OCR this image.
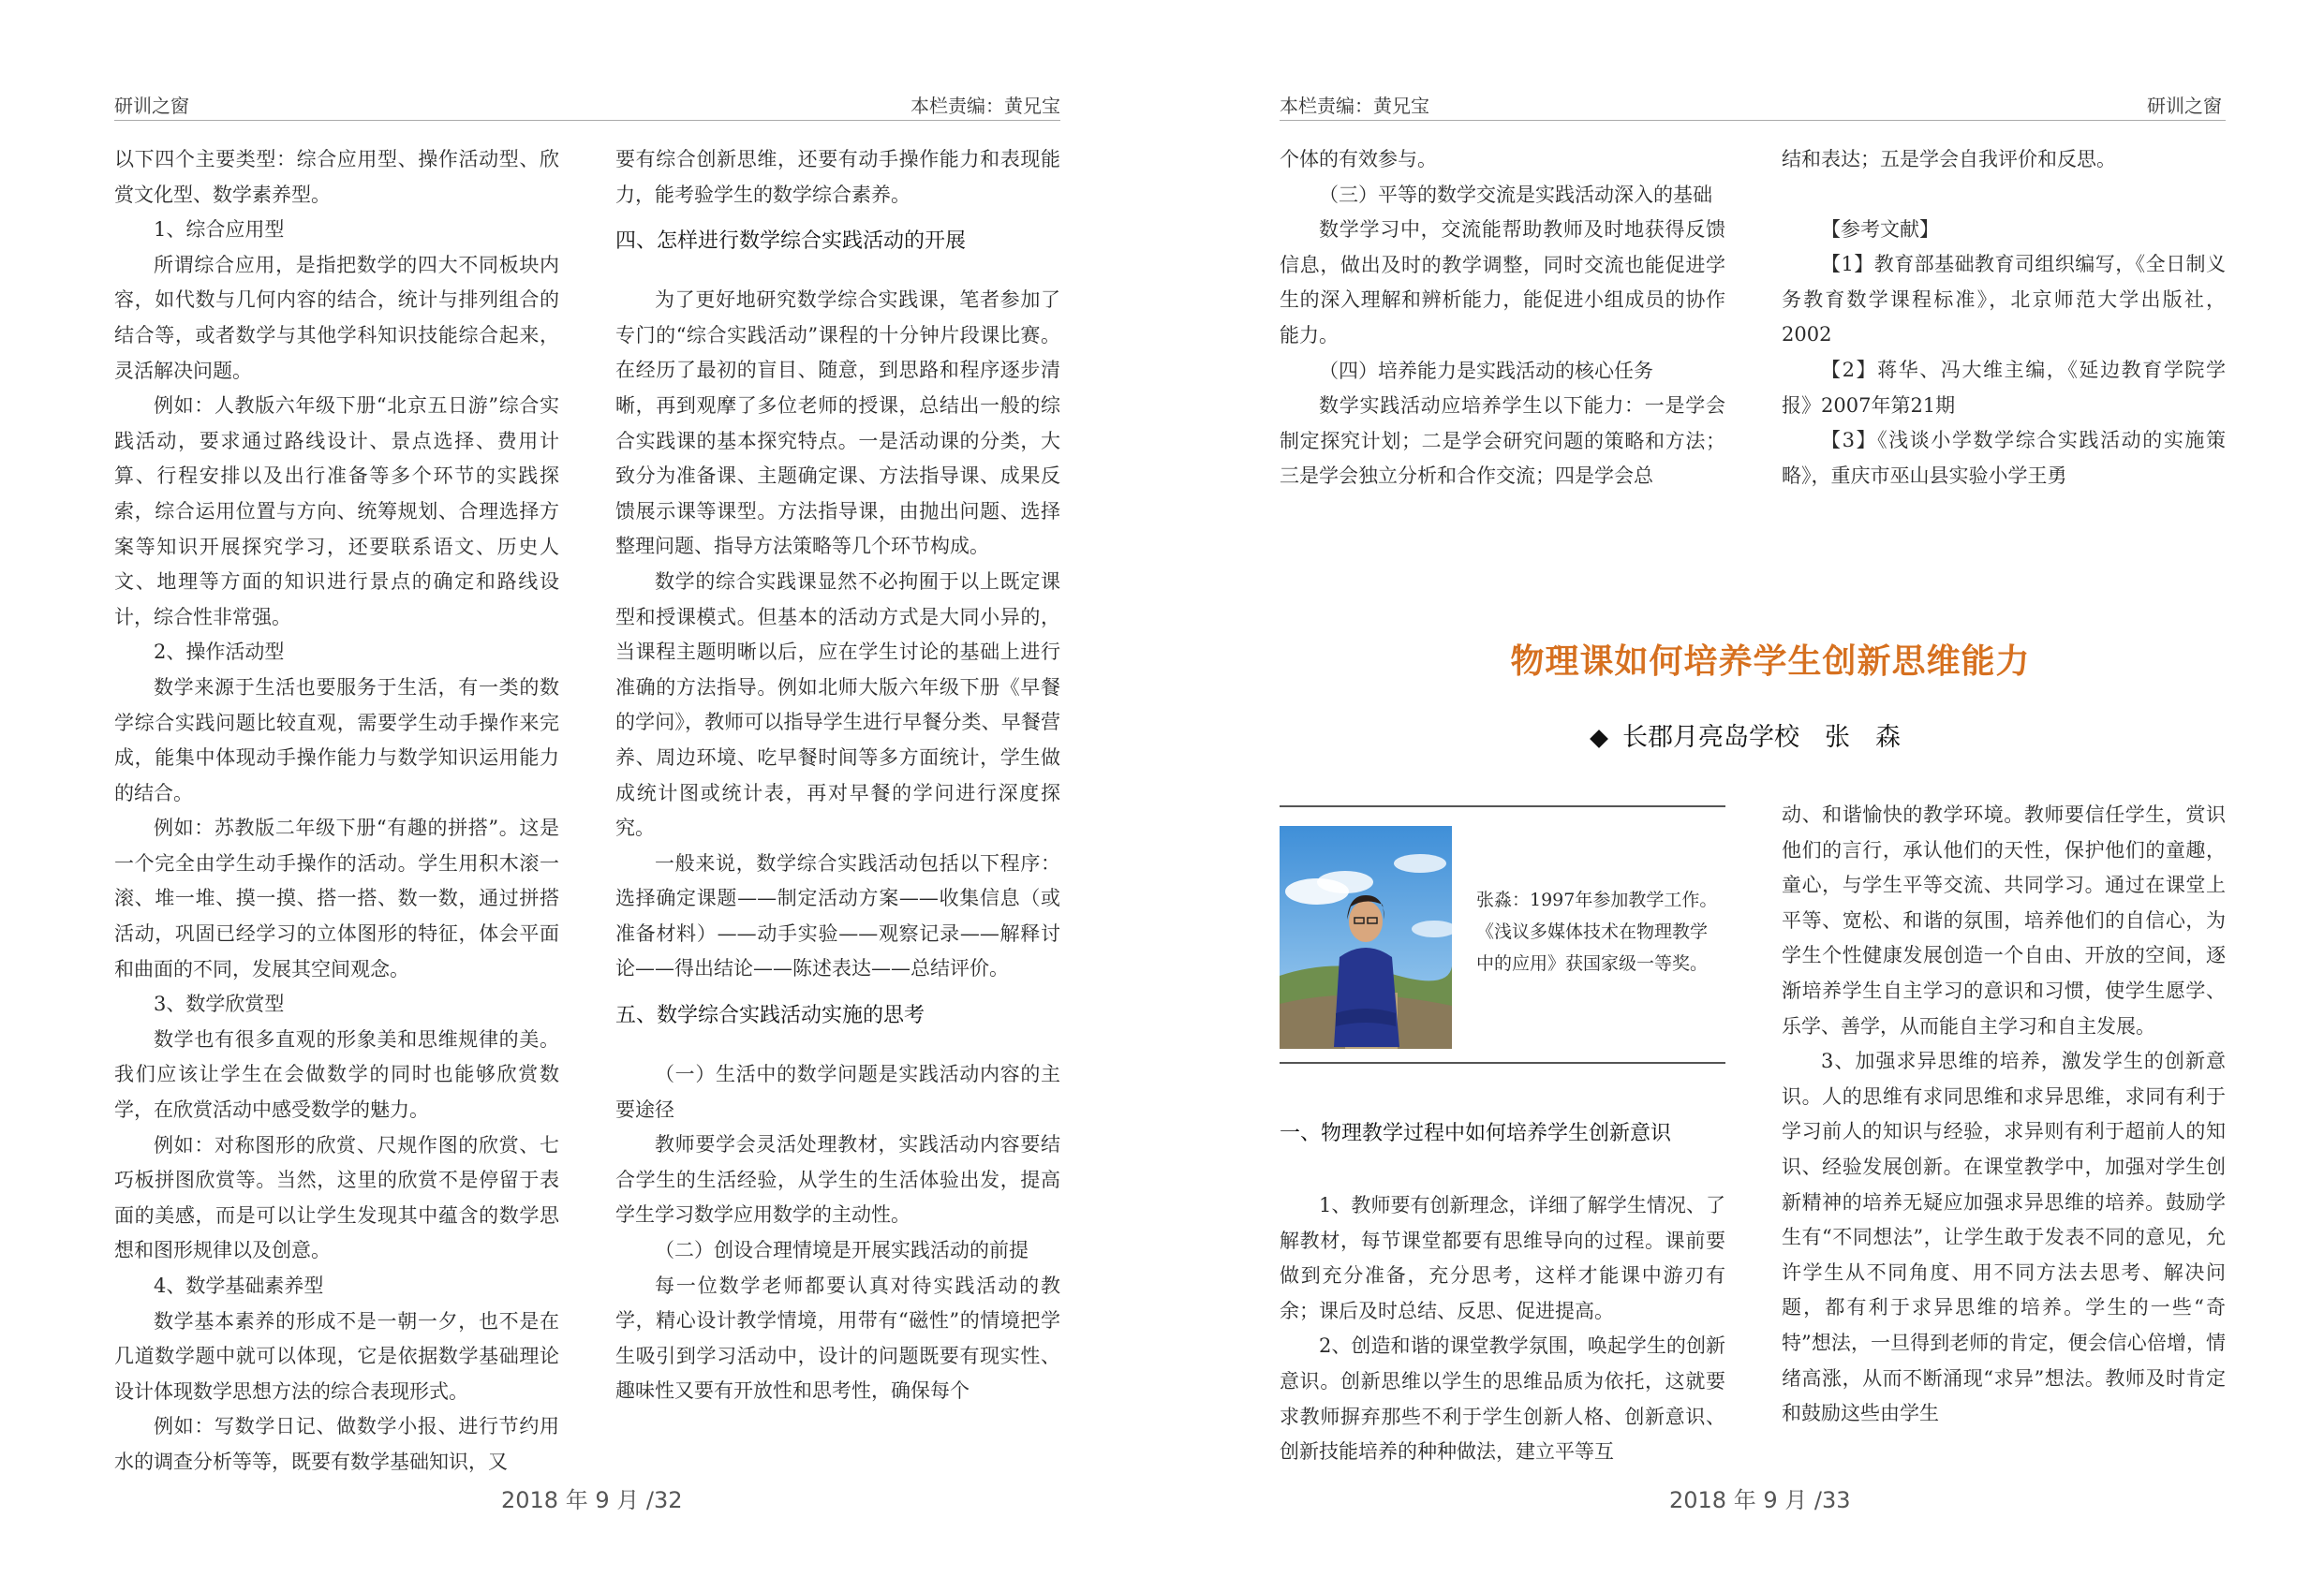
研训之窗	本栏责编：黄兄宝

以下四个主要类型：综合应用型、操作活动型、欣赏文化型、数学素养型。

1、综合应用型

所谓综合应用，是指把数学的四大不同板块内容，如代数与几何内容的结合，统计与排列组合的结合等，或者数学与其他学科知识技能综合起来，灵活解决问题。

例如：人教版六年级下册“北京五日游”综合实践活动，要求通过路线设计、景点选择、费用计算、行程安排以及出行准备等多个环节的实践探索，综合运用位置与方向、统筹规划、合理选择方案等知识开展探究学习，还要联系语文、历史人文、地理等方面的知识进行景点的确定和路线设计，综合性非常强。

2、操作活动型

数学来源于生活也要服务于生活，有一类的数学综合实践问题比较直观，需要学生动手操作来完成，能集中体现动手操作能力与数学知识运用能力的结合。

例如：苏教版二年级下册“有趣的拼搭”。这是一个完全由学生动手操作的活动。学生用积木滚一滚、堆一堆、摸一摸、搭一搭、数一数，通过拼搭活动，巩固已经学习的立体图形的特征，体会平面和曲面的不同，发展其空间观念。

3、数学欣赏型

数学也有很多直观的形象美和思维规律的美。我们应该让学生在会做数学的同时也能够欣赏数学，在欣赏活动中感受数学的魅力。

例如：对称图形的欣赏、尺规作图的欣赏、七巧板拼图欣赏等。当然，这里的欣赏不是停留于表面的美感，而是可以让学生发现其中蕴含的数学思想和图形规律以及创意。

4、数学基础素养型

数学基本素养的形成不是一朝一夕，也不是在几道数学题中就可以体现，它是依据数学基础理论设计体现数学思想方法的综合表现形式。

例如：写数学日记、做数学小报、进行节约用水的调查分析等等，既要有数学基础知识，又

要有综合创新思维，还要有动手操作能力和表现能力，能考验学生的数学综合素养。

四、怎样进行数学综合实践活动的开展

为了更好地研究数学综合实践课，笔者参加了专门的“综合实践活动”课程的十分钟片段课比赛。在经历了最初的盲目、随意，到思路和程序逐步清晰，再到观摩了多位老师的授课，总结出一般的综合实践课的基本探究特点。一是活动课的分类，大致分为准备课、主题确定课、方法指导课、成果反馈展示课等课型。方法指导课，由抛出问题、选择整理问题、指导方法策略等几个环节构成。

数学的综合实践课显然不必拘囿于以上既定课型和授课模式。但基本的活动方式是大同小异的，当课程主题明晰以后，应在学生讨论的基础上进行准确的方法指导。例如北师大版六年级下册《早餐的学问》，教师可以指导学生进行早餐分类、早餐营养、周边环境、吃早餐时间等多方面统计，学生做成统计图或统计表，再对早餐的学问进行深度探究。

一般来说，数学综合实践活动包括以下程序：选择确定课题——制定活动方案——收集信息（或准备材料）——动手实验——观察记录——解释讨论——得出结论——陈述表达——总结评价。

五、数学综合实践活动实施的思考

（一）生活中的数学问题是实践活动内容的主要途径

教师要学会灵活处理教材，实践活动内容要结合学生的生活经验，从学生的生活体验出发，提高学生学习数学应用数学的主动性。

（二）创设合理情境是开展实践活动的前提

每一位数学老师都要认真对待实践活动的教学，精心设计教学情境，用带有“磁性”的情境把学生吸引到学习活动中，设计的问题既要有现实性、趣味性又要有开放性和思考性，确保每个

2018 年 9 月 /32
本栏责编：黄兄宝	研训之窗

个体的有效参与。

（三）平等的数学交流是实践活动深入的基础

数学学习中，交流能帮助教师及时地获得反馈信息，做出及时的教学调整，同时交流也能促进学生的深入理解和辨析能力，能促进小组成员的协作能力。

（四）培养能力是实践活动的核心任务

数学实践活动应培养学生以下能力：一是学会制定探究计划；二是学会研究问题的策略和方法；三是学会独立分析和合作交流；四是学会总

结和表达；五是学会自我评价和反思。

【参考文献】

【1】教育部基础教育司组织编写，《全日制义务教育数学课程标准》，北京师范大学出版社，2002

【2】蒋华、冯大维主编，《延边教育学院学报》2007年第21期

【3】《浅谈小学数学综合实践活动的实施策略》，重庆市巫山县实验小学王勇

物理课如何培养学生创新思维能力
长郡月亮岛学校　张　森
张淼：1997年参加教学工作。《浅议多媒体技术在物理教学中的应用》获国家级一等奖。
一、物理教学过程中如何培养学生创新意识

1、教师要有创新理念，详细了解学生情况、了解教材，每节课堂都要有思维导向的过程。课前要做到充分准备，充分思考，这样才能课中游刃有余；课后及时总结、反思、促进提高。

2、创造和谐的课堂教学氛围，唤起学生的创新意识。创新思维以学生的思维品质为依托，这就要求教师摒弃那些不利于学生创新人格、创新意识、创新技能培养的种种做法，建立平等互

动、和谐愉快的教学环境。教师要信任学生，赏识他们的言行，承认他们的天性，保护他们的童趣，童心，与学生平等交流、共同学习。通过在课堂上平等、宽松、和谐的氛围，培养他们的自信心，为学生个性健康发展创造一个自由、开放的空间，逐渐培养学生自主学习的意识和习惯，使学生愿学、乐学、善学，从而能自主学习和自主发展。

3、加强求异思维的培养，激发学生的创新意识。人的思维有求同思维和求异思维，求同有利于学习前人的知识与经验，求异则有利于超前人的知识、经验发展创新。在课堂教学中，加强对学生创新精神的培养无疑应加强求异思维的培养。鼓励学生有“不同想法”，让学生敢于发表不同的意见，允许学生从不同角度、用不同方法去思考、解决问题，都有利于求异思维的培养。学生的一些“奇特”想法，一旦得到老师的肯定，便会信心倍增，情绪高涨，从而不断涌现“求异”想法。教师及时肯定和鼓励这些由学生

2018 年 9 月 /33
